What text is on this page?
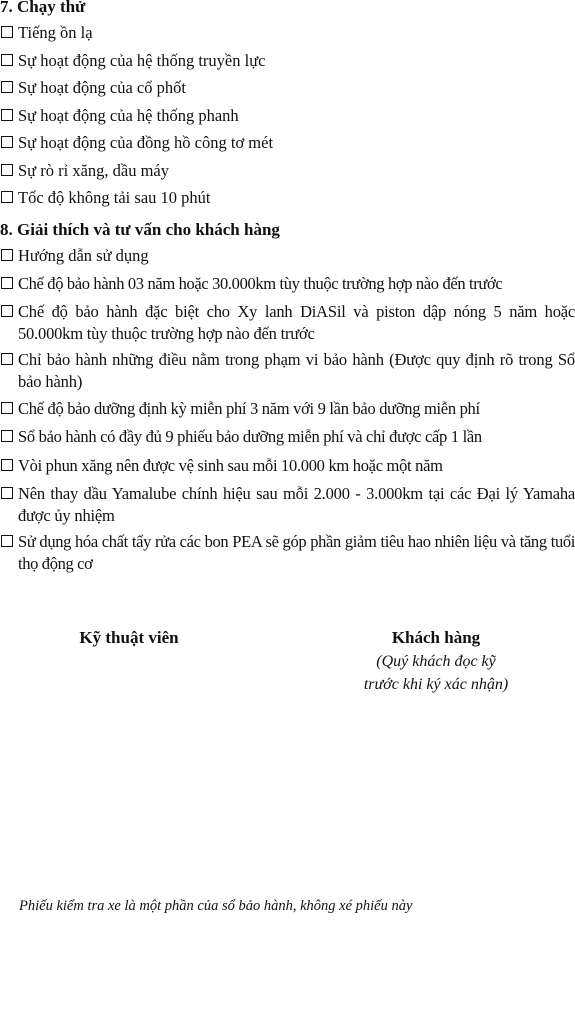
7. Chạy thử
Tiếng ồn lạ
Sự hoạt động của hệ thống truyền lực
Sự hoạt động của cổ phốt
Sự hoạt động của hệ thống phanh
Sự hoạt động của đồng hồ công tơ mét
Sự rò rỉ xăng, dầu máy
Tốc độ không tải sau 10 phút
8. Giải thích và tư vấn cho khách hàng
Hướng dẫn sử dụng
Chế độ bảo hành 03 năm hoặc 30.000km tùy thuộc trường hợp nào đến trước
Chế độ bảo hành đặc biệt cho Xy lanh DiASil và piston dập nóng 5 năm hoặc 50.000km tùy thuộc trường hợp nào đến trước
Chỉ bảo hành những điều nằm trong phạm vi bảo hành (Được quy định rõ trong Sổ bảo hành)
Chế độ bảo dưỡng định kỳ miễn phí 3 năm với 9 lần bảo dưỡng miễn phí
Sổ bảo hành có đầy đủ 9 phiếu bảo dưỡng miễn phí và chỉ được cấp 1 lần
Vòi phun xăng nên được vệ sinh sau mỗi 10.000 km hoặc một năm
Nên thay dầu Yamalube chính hiệu sau mỗi 2.000 - 3.000km tại các Đại lý Yamaha được ủy nhiệm
Sử dụng hóa chất tẩy rửa các bon PEA sẽ góp phần giảm tiêu hao nhiên liệu và tăng tuổi thọ động cơ
Kỹ thuật viên	Khách hàng
(Quý khách đọc kỹ
trước khi ký xác nhận)
Phiếu kiểm tra xe là một phần của sổ bảo hành, không xé phiếu này
